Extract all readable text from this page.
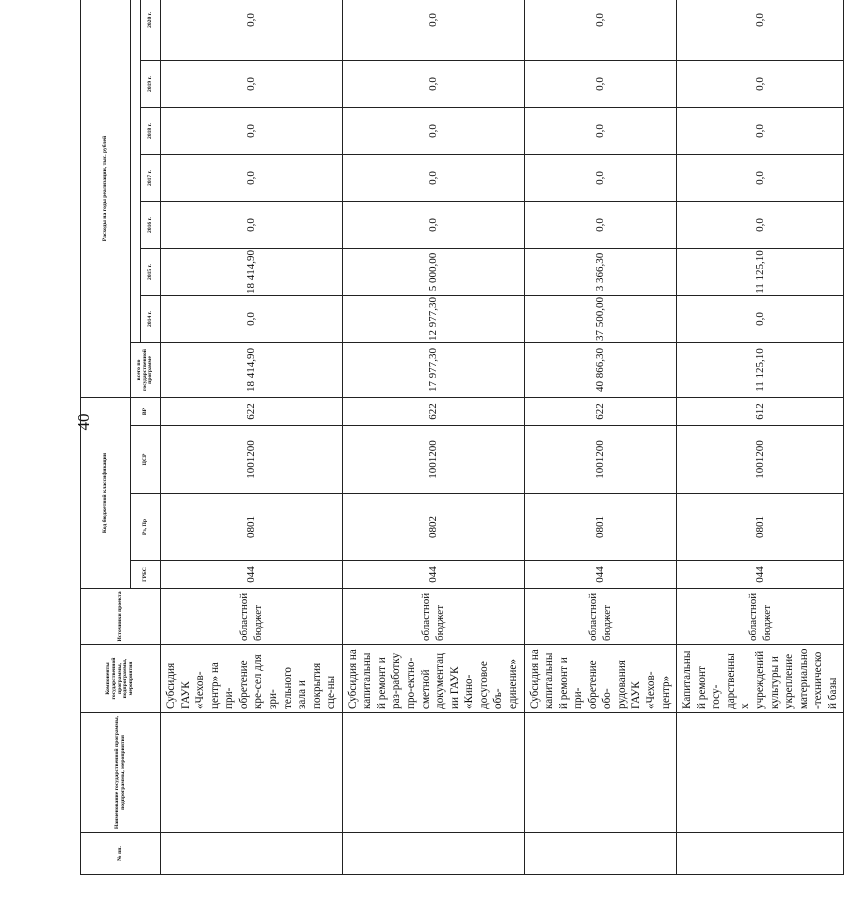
40
№ пп.	Наименование государственной программы, подпрограммы, мероприятия	Компоненты государственной программы, подпрограммы, мероприятия	Источники проекта	Код бюджетной классификации				Расходы на годы реализации, тыс. рублей							
				ГРБС	Рз, Пр	ЦСР	ВР	всего по государственной программе							
									2014 г.	2015 г.	2016 г.	2017 г.	2018 г.	2019 г.	2020 г.
		Субсидия ГАУК «Чехов-центр» на при-обретение кре-сел для зри-тельного зала и покрытия сце-ны	областной бюджет	044	0801	1001200	622	18 414,90	0,0	18 414,90	0,0	0,0	0,0	0,0	0,0
		Субсидия на капитальный ремонт и раз-работку про-ектно-сметной документации ГАУК «Кино-досуговое объ-единение»	областной бюджет	044	0802	1001200	622	17 977,30	12 977,30	5 000,00	0,0	0,0	0,0	0,0	0,0
		Субсидия на капитальный ремонт и при-обретение обо-рудования ГАУК «Чехов-центр»	областной бюджет	044	0801	1001200	622	40 866,30	37 500,00	3 366,30	0,0	0,0	0,0	0,0	0,0
		Капитальный ремонт госу-дарственных учреждений культуры и укрепление материально-технической базы	областной бюджет	044	0801	1001200	612	11 125,10	0,0	11 125,10	0,0	0,0	0,0	0,0	0,0
